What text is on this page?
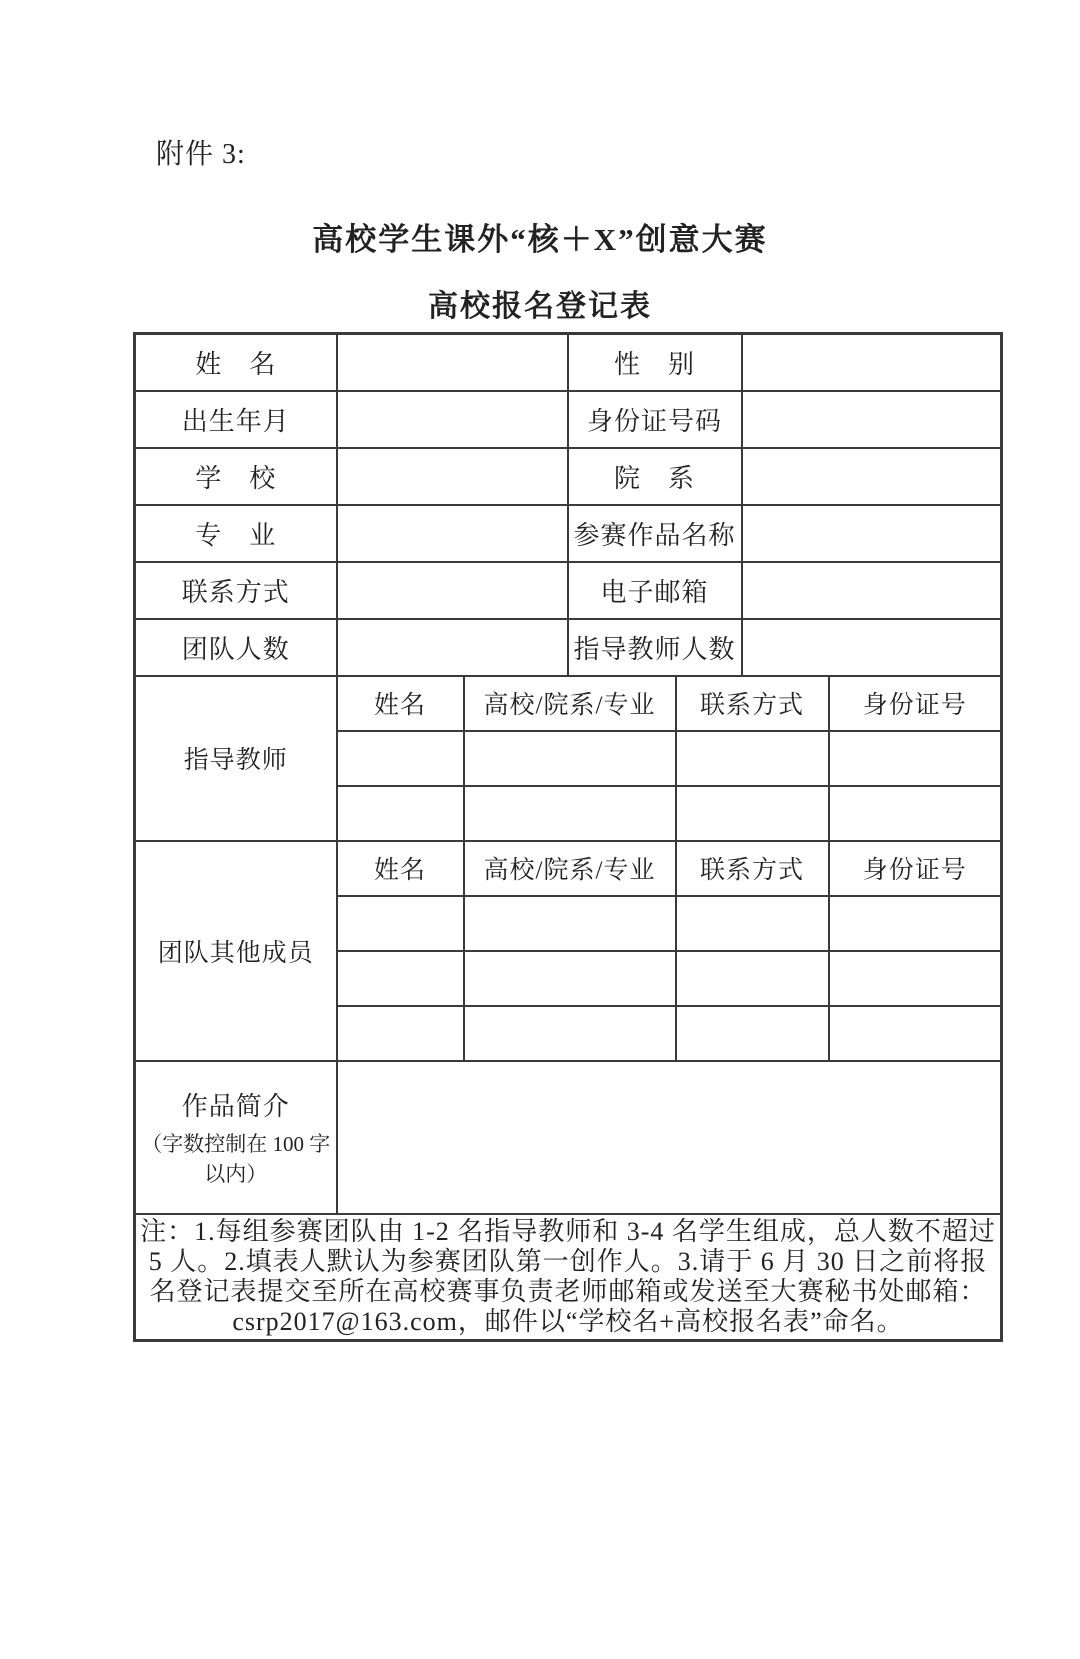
附件 3:
高校学生课外“核＋X”创意大赛
高校报名登记表
姓　名			性　别			
出生年月			身份证号码			
学　校			院　系			
专　业			参赛作品名称			
联系方式			电子邮箱			
团队人数			指导教师人数			
指导教师	姓名	高校/院系/专业		联系方式		身份证号

团队其他成员	姓名	高校/院系/专业		联系方式		身份证号

作品简介
（字数控制在 100 字以内）						

注：1.每组参赛团队由 1-2 名指导教师和 3-4 名学生组成，总人数不超过 5 人。2.填表人默认为参赛团队第一创作人。3.请于 6 月 30 日之前将报名登记表提交至所在高校赛事负责老师邮箱或发送至大赛秘书处邮箱：csrp2017@163.com，邮件以“学校名+高校报名表”命名。						
